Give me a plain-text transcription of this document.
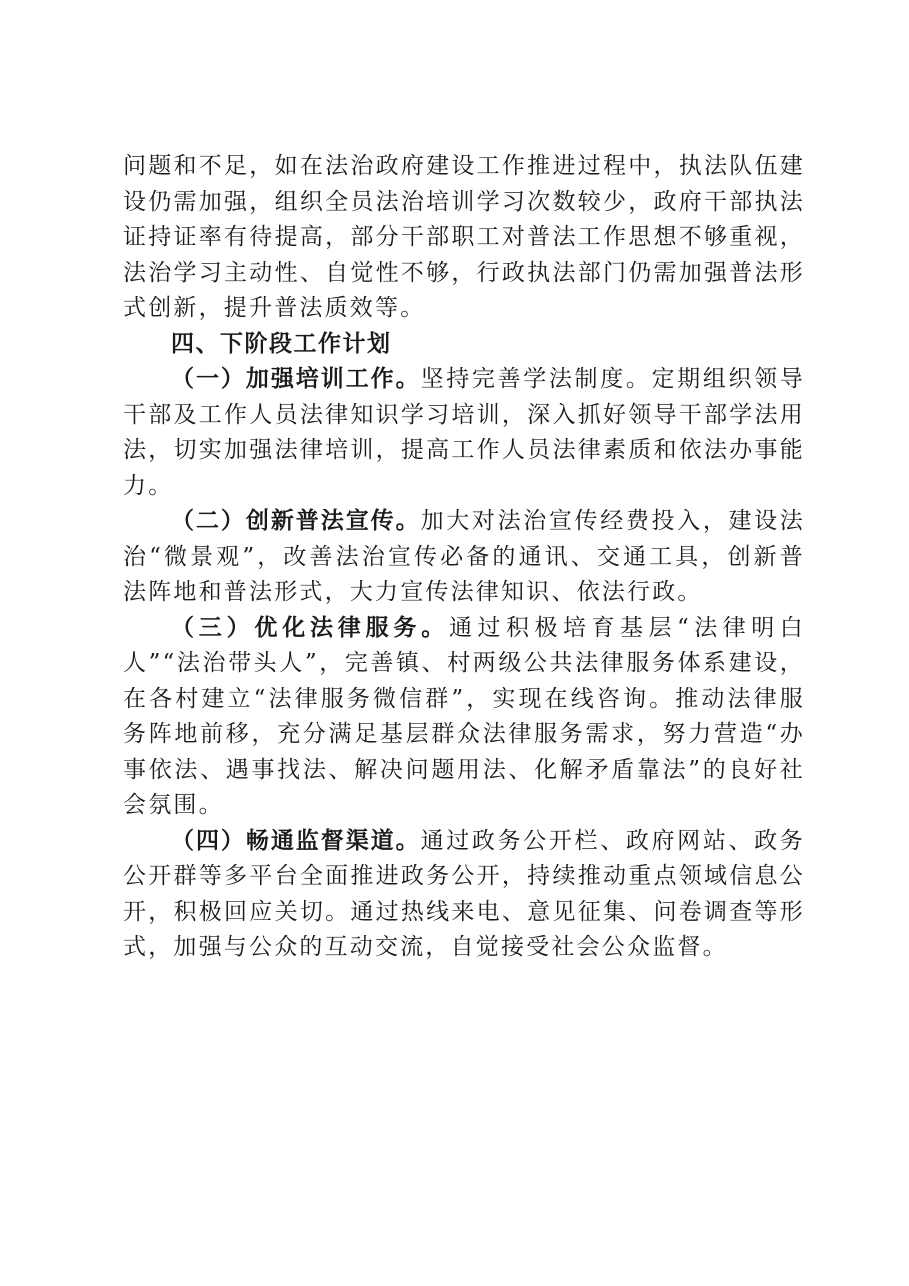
问题和不足，如在法治政府建设工作推进过程中，执法队伍建设仍需加强，组织全员法治培训学习次数较少，政府干部执法证持证率有待提高，部分干部职工对普法工作思想不够重视，法治学习主动性、自觉性不够，行政执法部门仍需加强普法形式创新，提升普法质效等。

四、下阶段工作计划

（一）加强培训工作。坚持完善学法制度。定期组织领导干部及工作人员法律知识学习培训，深入抓好领导干部学法用法，切实加强法律培训，提高工作人员法律素质和依法办事能力。

（二）创新普法宣传。加大对法治宣传经费投入，建设法治“微景观”，改善法治宣传必备的通讯、交通工具，创新普法阵地和普法形式，大力宣传法律知识、依法行政。

（三）优化法律服务。通过积极培育基层“法律明白人”“法治带头人”，完善镇、村两级公共法律服务体系建设，在各村建立“法律服务微信群”，实现在线咨询。推动法律服务阵地前移，充分满足基层群众法律服务需求，努力营造“办事依法、遇事找法、解决问题用法、化解矛盾靠法”的良好社会氛围。

（四）畅通监督渠道。通过政务公开栏、政府网站、政务公开群等多平台全面推进政务公开，持续推动重点领域信息公开，积极回应关切。通过热线来电、意见征集、问卷调查等形式，加强与公众的互动交流，自觉接受社会公众监督。
